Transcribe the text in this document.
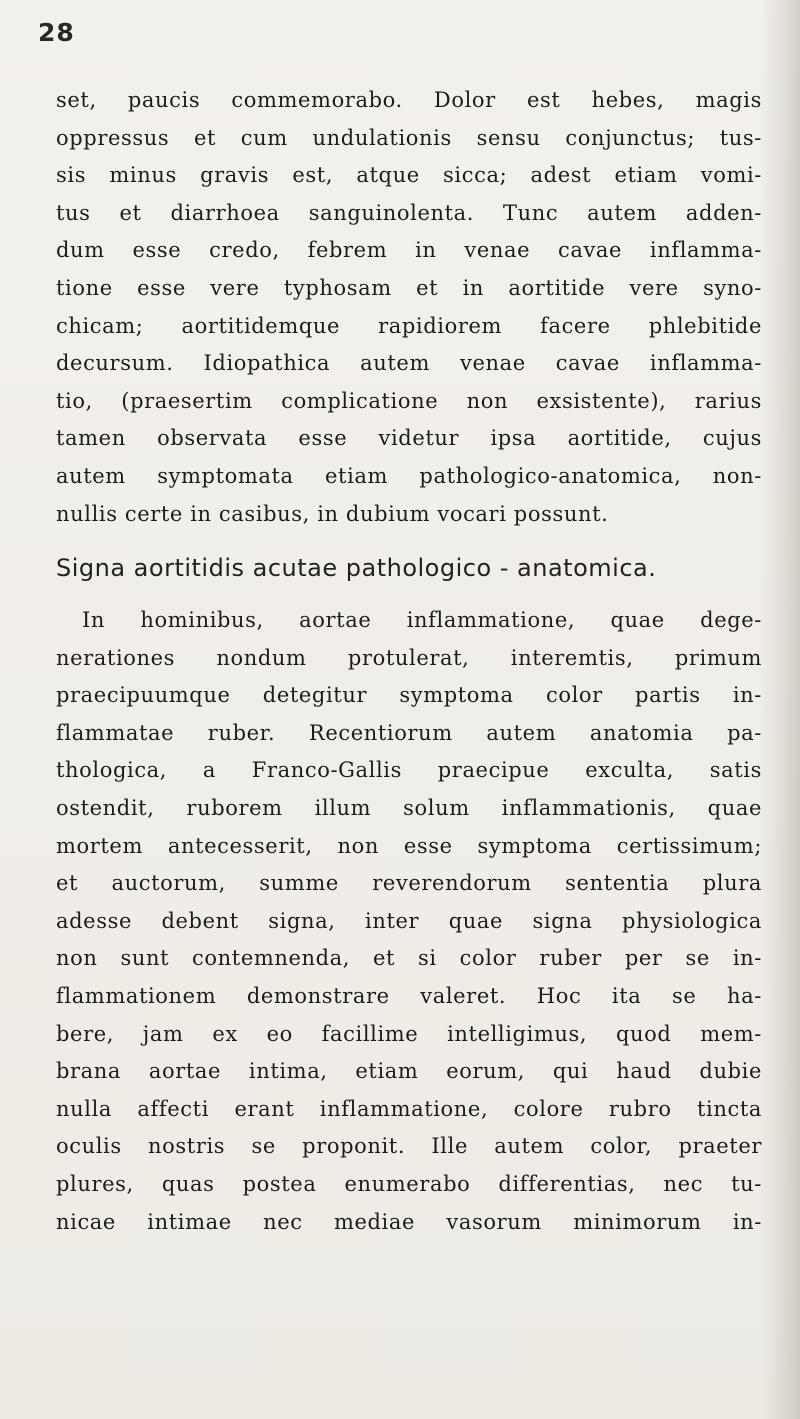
28
set, paucis commemorabo. Dolor est hebes, magis
oppressus et cum undulationis sensu conjunctus; tus-
sis minus gravis est, atque sicca; adest etiam vomi-
tus et diarrhoea sanguinolenta. Tunc autem adden-
dum esse credo, febrem in venae cavae inflamma-
tione esse vere typhosam et in aortitide vere syno-
chicam; aortitidemque rapidiorem facere phlebitide
decursum. Idiopathica autem venae cavae inflamma-
tio, (praesertim complicatione non exsistente), rarius
tamen observata esse videtur ipsa aortitide, cujus
autem symptomata etiam pathologico-anatomica, non-
nullis certe in casibus, in dubium vocari possunt.
Signa aortitidis acutae pathologico - anatomica.
In hominibus, aortae inflammatione, quae dege-
nerationes nondum protulerat, interemtis, primum
praecipuumque detegitur symptoma color partis in-
flammatae ruber. Recentiorum autem anatomia pa-
thologica, a Franco-Gallis praecipue exculta, satis
ostendit, ruborem illum solum inflammationis, quae
mortem antecesserit, non esse symptoma certissimum;
et auctorum, summe reverendorum sententia plura
adesse debent signa, inter quae signa physiologica
non sunt contemnenda, et si color ruber per se in-
flammationem demonstrare valeret. Hoc ita se ha-
bere, jam ex eo facillime intelligimus, quod mem-
brana aortae intima, etiam eorum, qui haud dubie
nulla affecti erant inflammatione, colore rubro tincta
oculis nostris se proponit. Ille autem color, praeter
plures, quas postea enumerabo differentias, nec tu-
nicae intimae nec mediae vasorum minimorum in-
